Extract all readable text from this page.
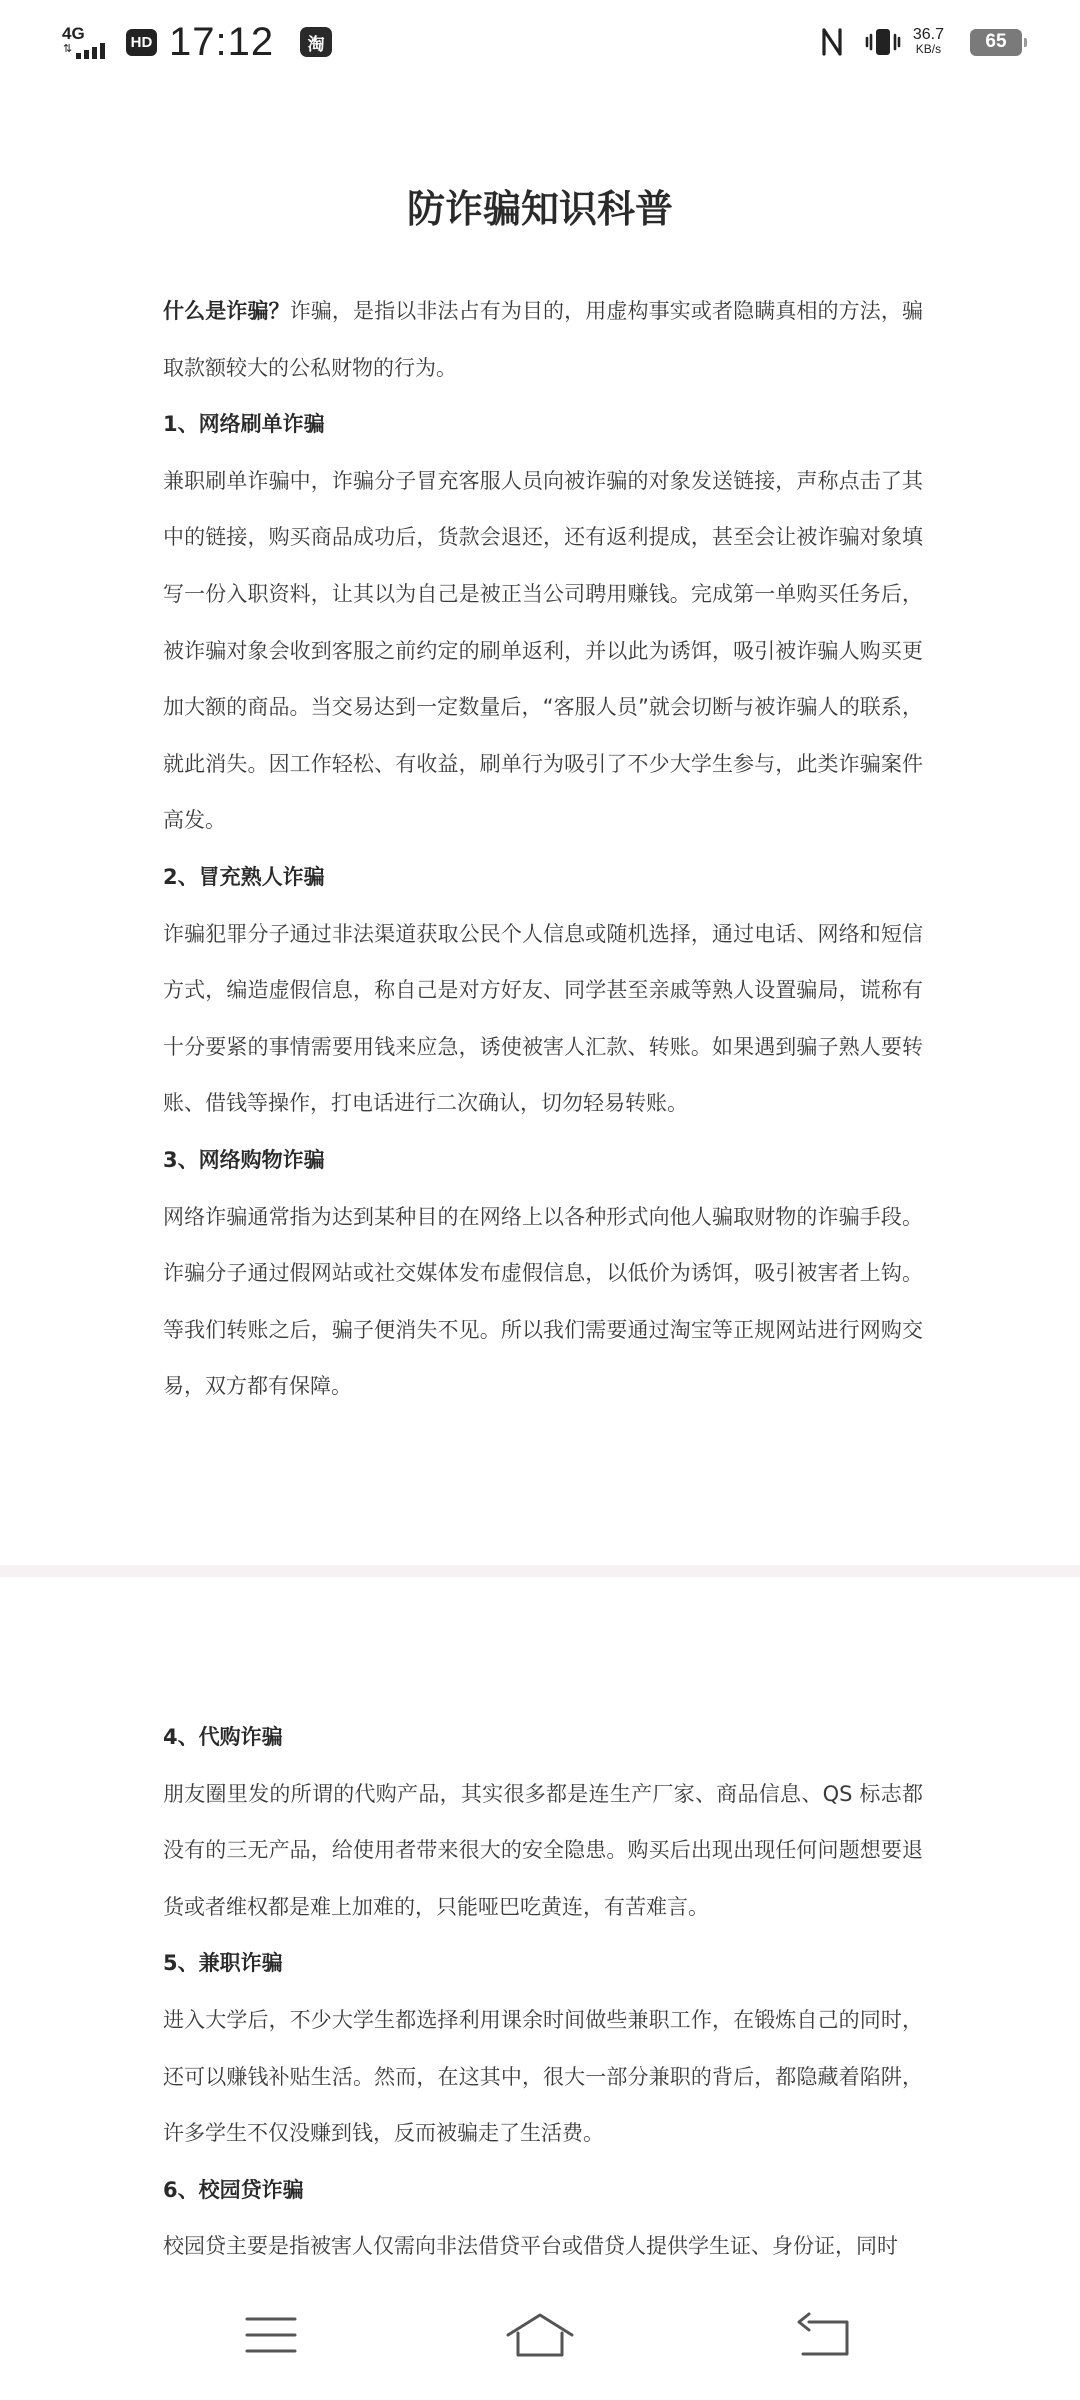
4G
⇅	HD 17:12	淘	36.7
KB/s 65
防诈骗知识科普

什么是诈骗？诈骗，是指以非法占有为目的，用虚构事实或者隐瞒真相的方法，骗取款额较大的公私财物的行为。

1、网络刷单诈骗

兼职刷单诈骗中，诈骗分子冒充客服人员向被诈骗的对象发送链接，声称点击了其中的链接，购买商品成功后，货款会退还，还有返利提成，甚至会让被诈骗对象填写一份入职资料，让其以为自己是被正当公司聘用赚钱。完成第一单购买任务后，被诈骗对象会收到客服之前约定的刷单返利，并以此为诱饵，吸引被诈骗人购买更加大额的商品。当交易达到一定数量后，“客服人员”就会切断与被诈骗人的联系，就此消失。因工作轻松、有收益，刷单行为吸引了不少大学生参与，此类诈骗案件高发。

2、冒充熟人诈骗

诈骗犯罪分子通过非法渠道获取公民个人信息或随机选择，通过电话、网络和短信方式，编造虚假信息，称自己是对方好友、同学甚至亲戚等熟人设置骗局，谎称有十分要紧的事情需要用钱来应急，诱使被害人汇款、转账。如果遇到骗子熟人要转账、借钱等操作，打电话进行二次确认，切勿轻易转账。

3、网络购物诈骗

网络诈骗通常指为达到某种目的在网络上以各种形式向他人骗取财物的诈骗手段。诈骗分子通过假网站或社交媒体发布虚假信息，以低价为诱饵，吸引被害者上钩。等我们转账之后，骗子便消失不见。所以我们需要通过淘宝等正规网站进行网购交易，双方都有保障。

4、代购诈骗

朋友圈里发的所谓的代购产品，其实很多都是连生产厂家、商品信息、QS 标志都没有的三无产品，给使用者带来很大的安全隐患。购买后出现出现任何问题想要退货或者维权都是难上加难的，只能哑巴吃黄连，有苦难言。

5、兼职诈骗

进入大学后，不少大学生都选择利用课余时间做些兼职工作，在锻炼自己的同时，还可以赚钱补贴生活。然而，在这其中，很大一部分兼职的背后，都隐藏着陷阱，许多学生不仅没赚到钱，反而被骗走了生活费。

6、校园贷诈骗

校园贷主要是指被害人仅需向非法借贷平台或借贷人提供学生证、身份证，同时
